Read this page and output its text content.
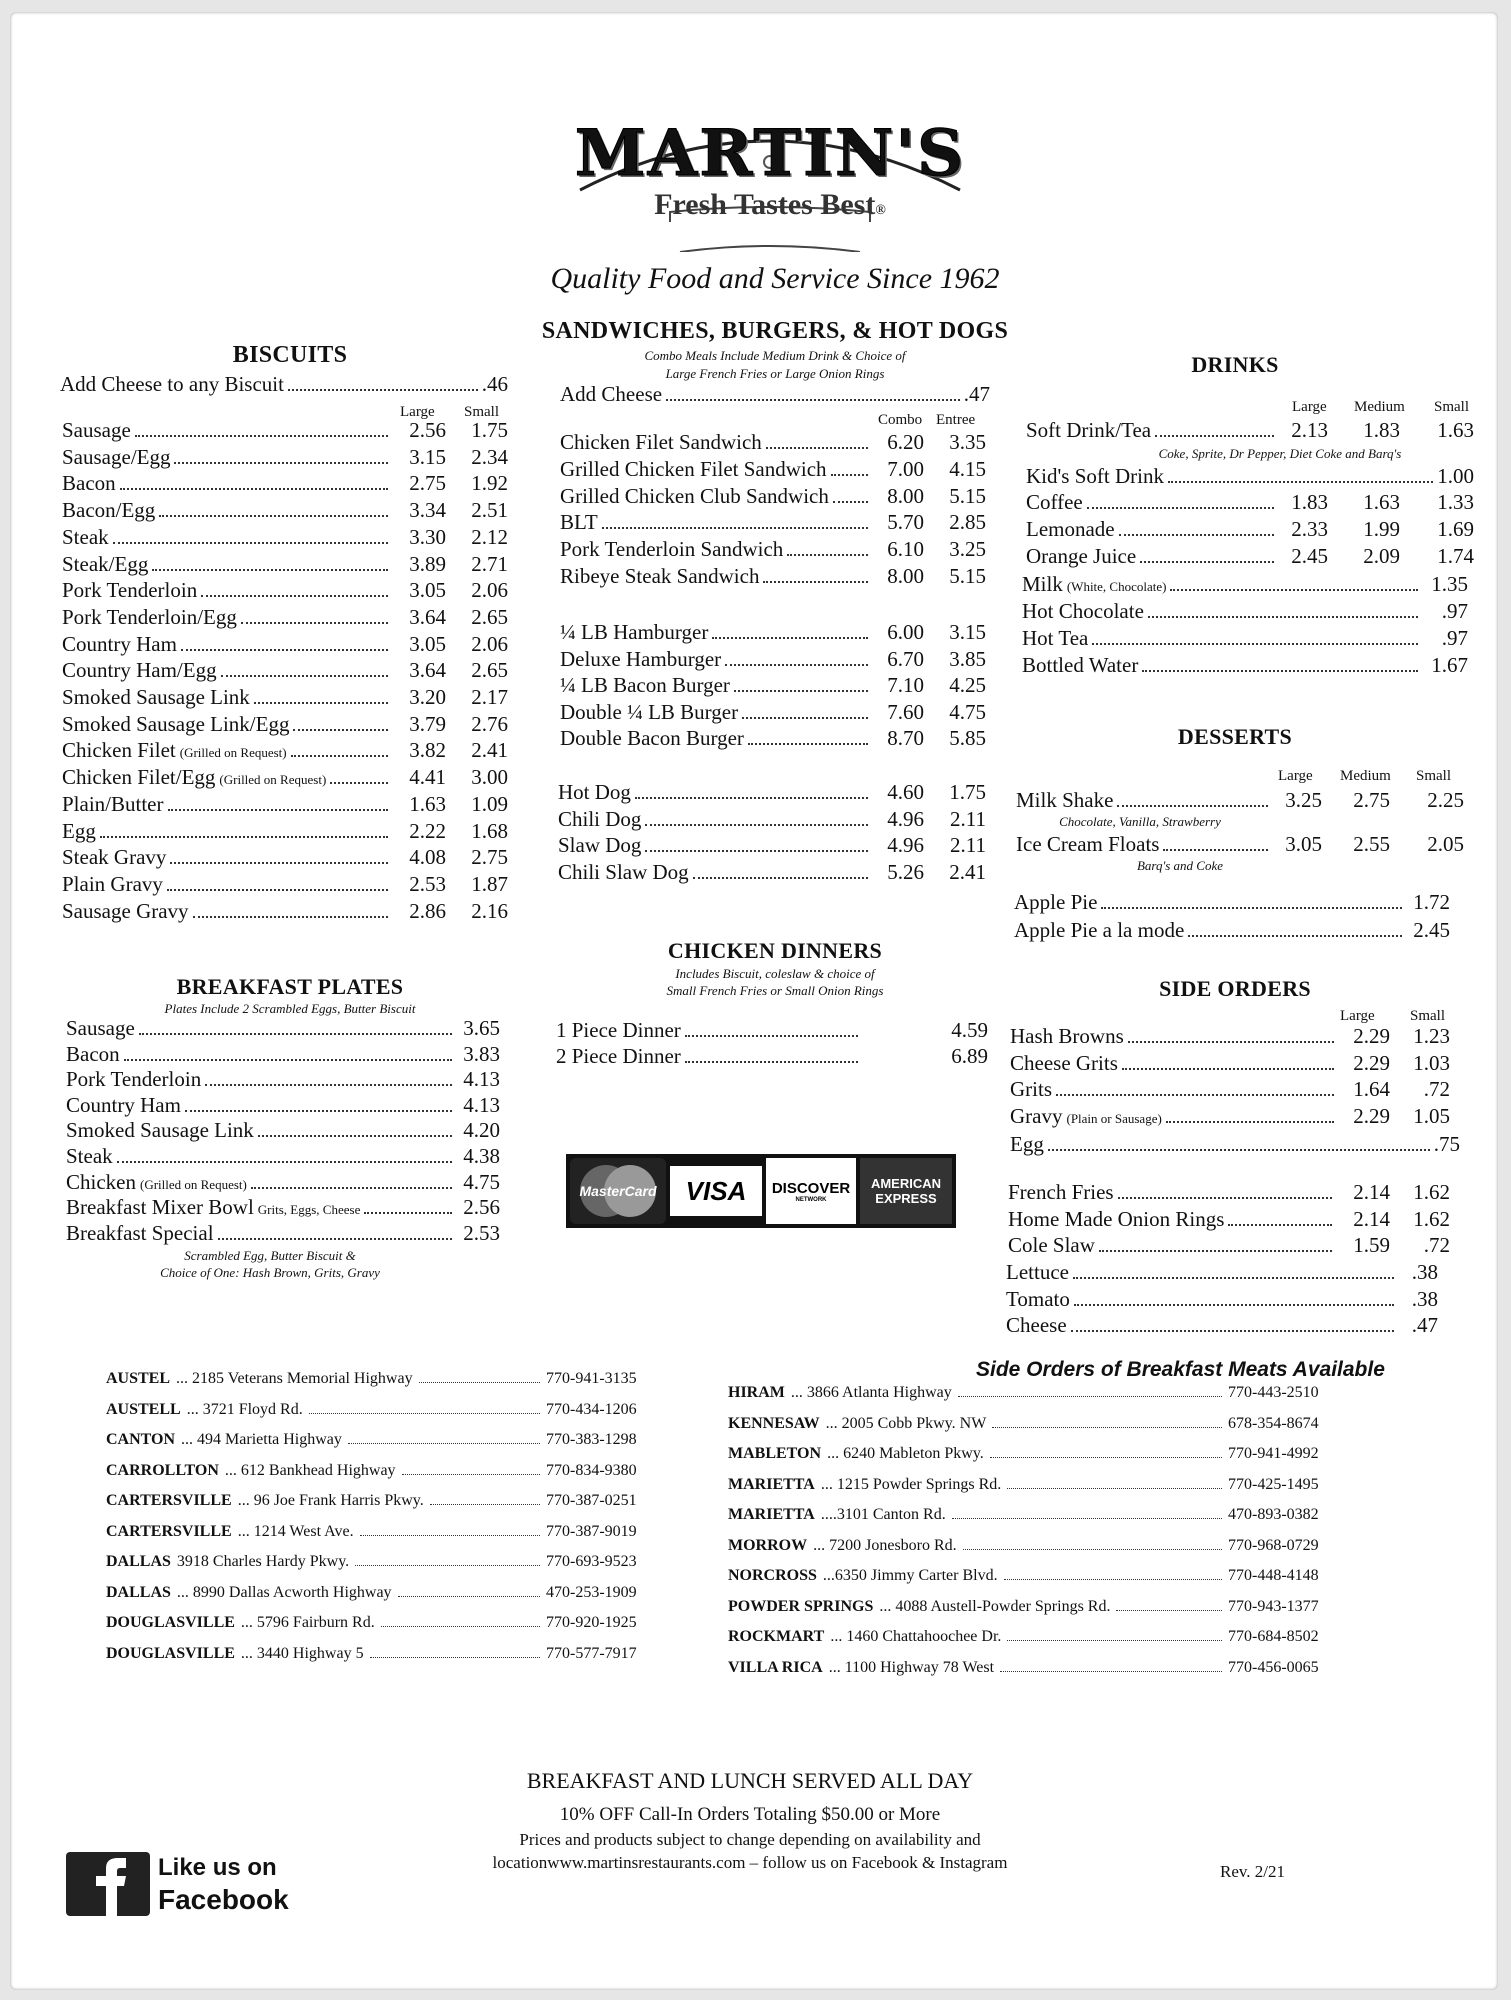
MARTIN'S
Fresh Tastes Best®
Quality Food and Service Since 1962
BISCUITS
Add Cheese to any Biscuit	.46
Large Small
Sausage	2.56	1.75
Sausage/Egg	3.15	2.34
Bacon	2.75	1.92
Bacon/Egg	3.34	2.51
Steak	3.30	2.12
Steak/Egg	3.89	2.71
Pork Tenderloin	3.05	2.06
Pork Tenderloin/Egg	3.64	2.65
Country Ham	3.05	2.06
Country Ham/Egg	3.64	2.65
Smoked Sausage Link	3.20	2.17
Smoked Sausage Link/Egg	3.79	2.76
Chicken Filet (Grilled on Request)	3.82	2.41
Chicken Filet/Egg (Grilled on Request)	4.41	3.00
Plain/Butter	1.63	1.09
Egg	2.22	1.68
Steak Gravy	4.08	2.75
Plain Gravy	2.53	1.87
Sausage Gravy	2.86	2.16
BREAKFAST PLATES
Plates Include 2 Scrambled Eggs, Butter Biscuit
Sausage	3.65
Bacon	3.83
Pork Tenderloin	4.13
Country Ham	4.13
Smoked Sausage Link	4.20
Steak	4.38
Chicken (Grilled on Request)	4.75
Breakfast Mixer Bowl Grits, Eggs, Cheese	2.56
Breakfast Special	2.53
Scrambled Egg, Butter Biscuit &
Choice of One: Hash Brown, Grits, Gravy
SANDWICHES, BURGERS, & HOT DOGS
Combo Meals Include Medium Drink & Choice of
Large French Fries or Large Onion Rings
Add Cheese	.47
Combo Entree
Chicken Filet Sandwich	6.20	3.35
Grilled Chicken Filet Sandwich	7.00	4.15
Grilled Chicken Club Sandwich	8.00	5.15
BLT	5.70	2.85
Pork Tenderloin Sandwich	6.10	3.25
Ribeye Steak Sandwich	8.00	5.15
¼ LB Hamburger	6.00	3.15
Deluxe Hamburger	6.70	3.85
¼ LB Bacon Burger	7.10	4.25
Double ¼ LB Burger	7.60	4.75
Double Bacon Burger	8.70	5.85
Hot Dog	4.60	1.75
Chili Dog	4.96	2.11
Slaw Dog	4.96	2.11
Chili Slaw Dog	5.26	2.41
CHICKEN DINNERS
Includes Biscuit, coleslaw & choice of
Small French Fries or Small Onion Rings
1 Piece Dinner	4.59
2 Piece Dinner	6.89
MasterCard VISA DISCOVER
NETWORK
AMERICAN
EXPRESS
DRINKS
Large Medium Small
Soft Drink/Tea	2.13	1.83	1.63
Coke, Sprite, Dr Pepper, Diet Coke and Barq's
Kid's Soft Drink	1.00
Coffee	1.83	1.63	1.33
Lemonade	2.33	1.99	1.69
Orange Juice	2.45	2.09	1.74
Milk (White, Chocolate)	1.35
Hot Chocolate	.97
Hot Tea	.97
Bottled Water	1.67
DESSERTS
Large Medium Small
Milk Shake	3.25	2.75	2.25
Chocolate, Vanilla, Strawberry
Ice Cream Floats	3.05	2.55	2.05
Barq's and Coke
Apple Pie	1.72
Apple Pie a la mode	2.45
SIDE ORDERS
Large Small
Hash Browns	2.29	1.23
Cheese Grits	2.29	1.03
Grits	1.64	.72
Gravy (Plain or Sausage)	2.29	1.05
Egg	.75
French Fries	2.14	1.62
Home Made Onion Rings	2.14	1.62
Cole Slaw	1.59	.72
Lettuce	.38
Tomato	.38
Cheese	.47
Side Orders of Breakfast Meats Available
AUSTEL ... 2185 Veterans Memorial Highway	770-941-3135
AUSTELL ... 3721 Floyd Rd.	770-434-1206
CANTON ... 494 Marietta Highway	770-383-1298
CARROLLTON ... 612 Bankhead Highway	770-834-9380
CARTERSVILLE ... 96 Joe Frank Harris Pkwy.	770-387-0251
CARTERSVILLE ... 1214 West Ave.	770-387-9019
DALLAS 3918 Charles Hardy Pkwy.	770-693-9523
DALLAS ... 8990 Dallas Acworth Highway	470-253-1909
DOUGLASVILLE ... 5796 Fairburn Rd.	770-920-1925
DOUGLASVILLE ... 3440 Highway 5	770-577-7917
HIRAM ... 3866 Atlanta Highway	770-443-2510
KENNESAW ... 2005 Cobb Pkwy. NW	678-354-8674
MABLETON ... 6240 Mableton Pkwy.	770-941-4992
MARIETTA ... 1215 Powder Springs Rd.	770-425-1495
MARIETTA ....3101 Canton Rd.	470-893-0382
MORROW ... 7200 Jonesboro Rd.	770-968-0729
NORCROSS ...6350 Jimmy Carter Blvd.	770-448-4148
POWDER SPRINGS ... 4088 Austell-Powder Springs Rd.	770-943-1377
ROCKMART ... 1460 Chattahoochee Dr.	770-684-8502
VILLA RICA ... 1100 Highway 78 West	770-456-0065
BREAKFAST AND LUNCH SERVED ALL DAY
10% OFF Call-In Orders Totaling $50.00 or More
Prices and products subject to change depending on availability and
locationwww.martinsrestaurants.com – follow us on Facebook & Instagram
Like us on
Facebook
Rev. 2/21
